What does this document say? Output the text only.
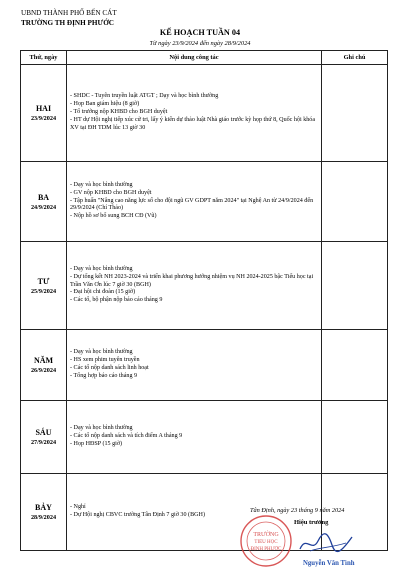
UBND THÀNH PHỐ BẾN CÁT
TRƯỜNG TH ĐỊNH PHƯỚC
KẾ HOẠCH TUẦN 04
Từ ngày 23/9/2024 đến ngày 28/9/2024
Thứ, ngày	Nội dung công tác	Ghi chú

HAI
23/9/2024	- SHDC - Tuyên truyền luật ATGT ; Dạy và học bình thường
- Họp Ban giám hiệu (8 giờ)
- Tổ trưởng nộp KHBD cho BGH duyệt
- HT dự Hội nghị tiếp xúc cử tri, lấy ý kiến dự thảo luật Nhà giáo trước kỳ họp thứ 8, Quốc hội khóa XV tại ĐH TDM lúc 13 giờ 30	

BA
24/9/2024	- Dạy và học bình thường
- GV nộp KHBD cho BGH duyệt
- Tập huấn "Nâng cao năng lực số cho đội ngũ GV GDPT năm 2024" tại Nghệ An từ 24/9/2024 đến 29/9/2024 (Chí Thảo)
- Nộp hồ sơ bổ sung BCH CĐ (Vũ)	

TƯ
25/9/2024	- Dạy và học bình thường
- Dự tổng kết NH 2023-2024 và triển khai phương hướng nhiệm vụ NH 2024-2025 bậc Tiểu học tại Trần Văn Ơn lúc 7 giờ 30 (BGH)
- Đại hội chi đoàn (15 giờ)
- Các tổ, bộ phận nộp báo cáo tháng 9	

NĂM
26/9/2024	- Dạy và học bình thường
- HS xem phim tuyên truyền
- Các tổ nộp danh sách linh hoạt
- Tổng hợp báo cáo tháng 9	

SÁU
27/9/2024	- Dạy và học bình thường
- Các tổ nộp danh sách và tích điểm A tháng 9
- Họp HĐSP (15 giờ)	

BẢY
28/9/2024	- Nghỉ
- Dự Hội nghị CBVC trường Tân Định 7 giờ 30 (BGH)	

TRƯỜNG
TIỂU HỌC
ĐỊNH PHƯỚC
Tân Định, ngày 23 tháng 9 năm 2024
Hiệu trưởng
Nguyễn Văn Tình
